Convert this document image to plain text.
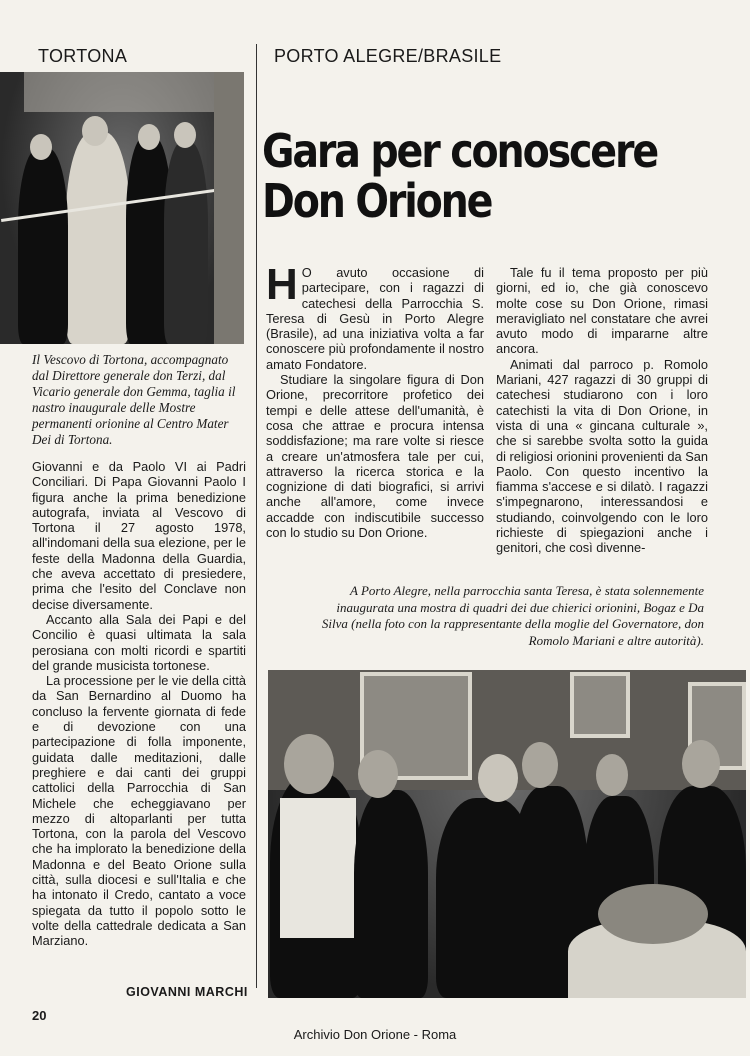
TORTONA
Il Vescovo di Tortona, accompagnato dal Direttore generale don Terzi, dal Vicario generale don Gemma, taglia il nastro inaugurale delle Mostre permanenti orionine al Centro Mater Dei di Tortona.

Giovanni e da Paolo VI ai Padri Conciliari. Di Papa Giovanni Paolo I figura anche la prima benedizione autografa, inviata al Vescovo di Tortona il 27 agosto 1978, all'indomani della sua elezione, per le feste della Madonna della Guardia, che aveva accettato di presiedere, prima che l'esito del Conclave non decise diversamente.

Accanto alla Sala dei Papi e del Concilio è quasi ultimata la sala perosiana con molti ricordi e spartiti del grande musicista tortonese.

La processione per le vie della città da San Bernardino al Duomo ha concluso la fervente giornata di fede e di devozione con una partecipazione di folla imponente, guidata dalle meditazioni, dalle preghiere e dai canti dei gruppi cattolici della Parrocchia di San Michele che echeggiavano per mezzo di altoparlanti per tutta Tortona, con la parola del Vescovo che ha implorato la benedizione della Madonna e del Beato Orione sulla città, sulla diocesi e sull'Italia e che ha intonato il Credo, cantato a voce spiegata da tutto il popolo sotto le volte della cattedrale dedicata a San Marziano.

GIOVANNI MARCHI
PORTO ALEGRE/BRASILE
Gara per conoscere
Don Orione

H O avuto occasione di partecipare, con i ragazzi di catechesi della Parrocchia S. Teresa di Gesù in Porto Alegre (Brasile), ad una iniziativa volta a far conoscere più profondamente il nostro amato Fondatore.

Studiare la singolare figura di Don Orione, precorritore profetico dei tempi e delle attese dell'umanità, è cosa che attrae e procura intensa soddisfazione; ma rare volte si riesce a creare un'atmosfera tale per cui, attraverso la ricerca storica e la cognizione di dati biografici, si arrivi anche all'amore, come invece accadde con indiscutibile successo con lo studio su Don Orione.

Tale fu il tema proposto per più giorni, ed io, che già conoscevo molte cose su Don Orione, rimasi meravigliato nel constatare che avrei avuto modo di impararne altre ancora.

Animati dal parroco p. Romolo Mariani, 427 ragazzi di 30 gruppi di catechesi studiarono con i loro catechisti la vita di Don Orione, in vista di una « gincana culturale », che si sarebbe svolta sotto la guida di religiosi orionini provenienti da San Paolo. Con questo incentivo la fiamma s'accese e si dilatò. I ragazzi s'impegnarono, interessandosi e studiando, coinvolgendo con le loro richieste di spiegazioni anche i genitori, che così divenne-

A Porto Alegre, nella parrocchia santa Teresa, è stata solennemente inaugurata una mostra di quadri dei due chierici orionini, Bogaz e Da Silva (nella foto con la rappresentante della moglie del Governatore, don Romolo Mariani e altre autorità).
20
Archivio Don Orione - Roma
